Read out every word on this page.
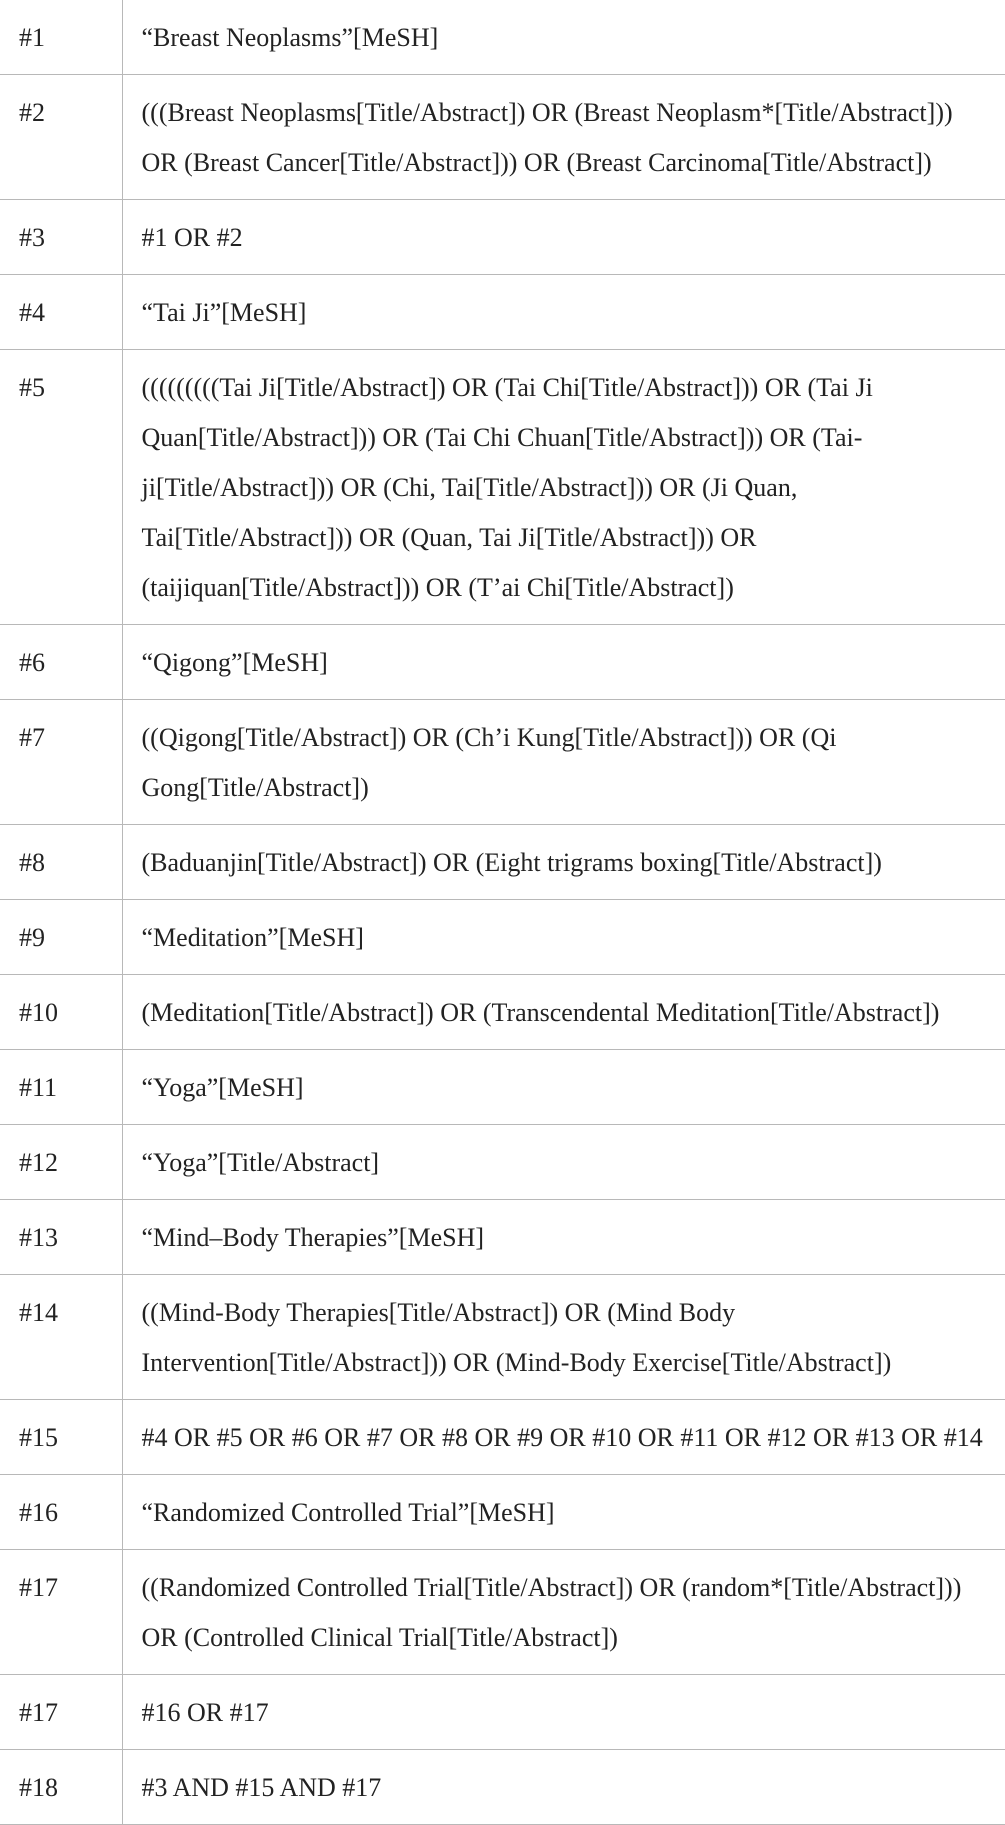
#1	“Breast Neoplasms”[MeSH]
#2	(((Breast Neoplasms[Title/Abstract]) OR (Breast Neoplasm*[Title/Abstract])) OR (Breast Cancer[Title/Abstract])) OR (Breast Carcinoma[Title/Abstract])
#3	#1 OR #2
#4	“Tai Ji”[MeSH]
#5	(((((((((Tai Ji[Title/Abstract]) OR (Tai Chi[Title/Abstract])) OR (Tai Ji Quan[Title/Abstract])) OR (Tai Chi Chuan[Title/Abstract])) OR (Tai-ji[Title/Abstract])) OR (Chi, Tai[Title/Abstract])) OR (Ji Quan, Tai[Title/Abstract])) OR (Quan, Tai Ji[Title/Abstract])) OR (taijiquan[Title/Abstract])) OR (T’ai Chi[Title/Abstract])
#6	“Qigong”[MeSH]
#7	((Qigong[Title/Abstract]) OR (Ch’i Kung[Title/Abstract])) OR (Qi Gong[Title/Abstract])
#8	(Baduanjin[Title/Abstract]) OR (Eight trigrams boxing[Title/Abstract])
#9	“Meditation”[MeSH]
#10	(Meditation[Title/Abstract]) OR (Transcendental Meditation[Title/Abstract])
#11	“Yoga”[MeSH]
#12	“Yoga”[Title/Abstract]
#13	“Mind–Body Therapies”[MeSH]
#14	((Mind-Body Therapies[Title/Abstract]) OR (Mind Body Intervention[Title/Abstract])) OR (Mind-Body Exercise[Title/Abstract])
#15	#4 OR #5 OR #6 OR #7 OR #8 OR #9 OR #10 OR #11 OR #12 OR #13 OR #14
#16	“Randomized Controlled Trial”[MeSH]
#17	((Randomized Controlled Trial[Title/Abstract]) OR (random*[Title/Abstract])) OR (Controlled Clinical Trial[Title/Abstract])
#17	#16 OR #17
#18	#3 AND #15 AND #17
